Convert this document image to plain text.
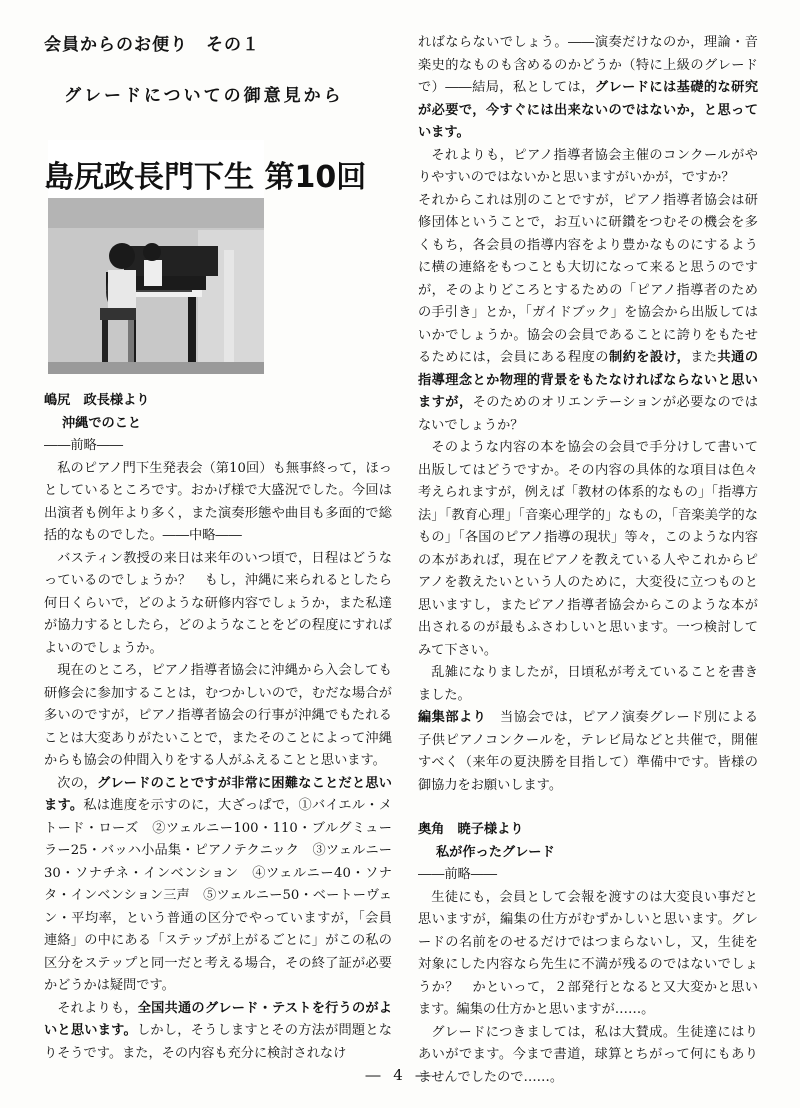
会員からのお便り　その１
グレードについての御意見から
島尻政長門下生 第10回

嶋尻　政長様より

沖縄でのこと

――前略――

私のピアノ門下生発表会（第10回）も無事終って，ほっとしているところです。おかげ様で大盛況でした。今回は出演者も例年より多く，また演奏形態や曲目も多面的で総括的なものでした。――中略――

バスティン教授の来日は来年のいつ頃で，日程はどうなっているのでしょうか？　もし，沖縄に来られるとしたら何日くらいで，どのような研修内容でしょうか，また私達が協力するとしたら，どのようなことをどの程度にすればよいのでしょうか。

現在のところ，ピアノ指導者協会に沖縄から入会しても研修会に参加することは，むつかしいので，むだな場合が多いのですが，ピアノ指導者協会の行事が沖縄でもたれることは大変ありがたいことで，またそのことによって沖縄からも協会の仲間入りをする人がふえることと思います。

次の，グレードのことですが非常に困難なことだと思います。私は進度を示すのに，大ざっぱで，①バイエル・メトード・ローズ　②ツェルニー100・110・ブルグミューラー25・バッハ小品集・ピアノテクニック　③ツェルニー30・ソナチネ・インベンション　④ツェルニー40・ソナタ・インベンション三声　⑤ツェルニー50・ベートーヴェン・平均率，という普通の区分でやっていますが，「会員連絡」の中にある「ステップが上がるごとに」がこの私の区分をステップと同一だと考える場合，その終了証が必要かどうかは疑問です。

それよりも，全国共通のグレード・テストを行うのがよいと思います。しかし，そうしますとその方法が問題となりそうです。また，その内容も充分に検討されなけ

ればならないでしょう。――演奏だけなのか，理論・音楽史的なものも含めるのかどうか（特に上級のグレードで）――結局，私としては，グレードには基礎的な研究が必要で，今すぐには出来ないのではないか，と思っています。

それよりも，ピアノ指導者協会主催のコンクールがやりやすいのではないかと思いますがいかが，ですか？

それからこれは別のことですが，ピアノ指導者協会は研修団体ということで，お互いに研鑽をつむその機会を多くもち，各会員の指導内容をより豊かなものにするように横の連絡をもつことも大切になって来ると思うのですが，そのよりどころとするための「ピアノ指導者のための手引き」とか，「ガイドブック」を協会から出版してはいかでしょうか。協会の会員であることに誇りをもたせるためには，会員にある程度の制約を設け，また共通の指導理念とか物理的背景をもたなければならないと思いますが，そのためのオリエンテーションが必要なのではないでしょうか？

そのような内容の本を協会の会員で手分けして書いて出版してはどうですか。その内容の具体的な項目は色々考えられますが，例えば「教材の体系的なもの」「指導方法」「教育心理」「音楽心理学的」なもの，「音楽美学的なもの」「各国のピアノ指導の現状」等々，このような内容の本があれば，現在ピアノを教えている人やこれからピアノを教えたいという人のために，大変役に立つものと思いますし，またピアノ指導者協会からこのような本が出されるのが最もふさわしいと思います。一つ検討してみて下さい。

乱雑になりましたが，日頃私が考えていることを書きました。

編集部より　 当協会では，ピアノ演奏グレード別による子供ピアノコンクールを，テレビ局などと共催で，開催すべく（来年の夏決勝を目指して）準備中です。皆様の御協力をお願いします。

奥角　暁子様より

私が作ったグレード

――前略――

生徒にも，会員として会報を渡すのは大変良い事だと思いますが，編集の仕方がむずかしいと思います。グレードの名前をのせるだけではつまらないし，又，生徒を対象にした内容なら先生に不満が残るのではないでしょうか？　かといって，２部発行となると又大変かと思います。編集の仕方かと思いますが……。

グレードにつきましては，私は大賛成。生徒達にはりあいがでます。今まで書道，球算とちがって何にもありませんでしたので……。

― 4 ―
